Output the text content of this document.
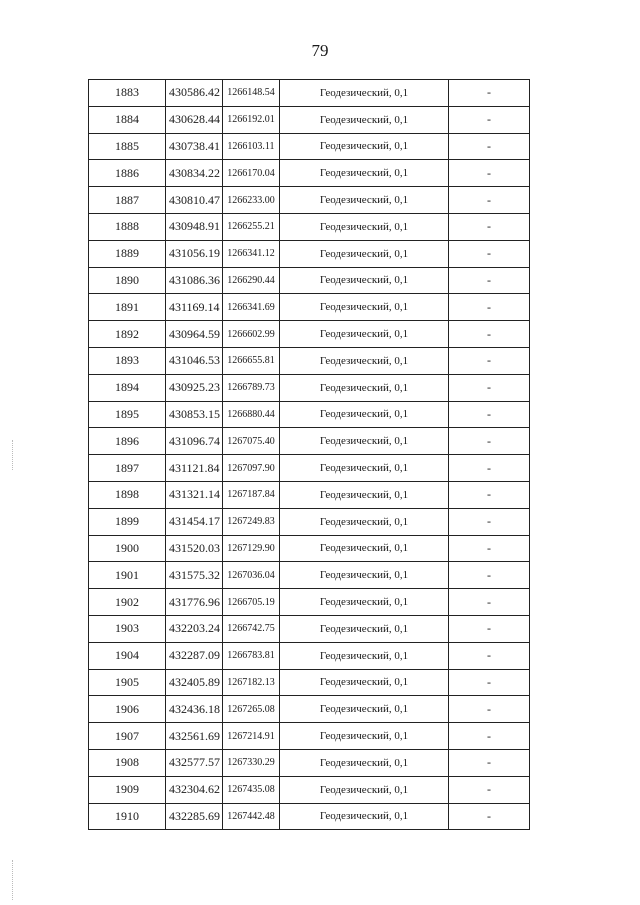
79
1883	430586.42	1266148.54	Геодезический, 0,1	-
1884	430628.44	1266192.01	Геодезический, 0,1	-
1885	430738.41	1266103.11	Геодезический, 0,1	-
1886	430834.22	1266170.04	Геодезический, 0,1	-
1887	430810.47	1266233.00	Геодезический, 0,1	-
1888	430948.91	1266255.21	Геодезический, 0,1	-
1889	431056.19	1266341.12	Геодезический, 0,1	-
1890	431086.36	1266290.44	Геодезический, 0,1	-
1891	431169.14	1266341.69	Геодезический, 0,1	-
1892	430964.59	1266602.99	Геодезический, 0,1	-
1893	431046.53	1266655.81	Геодезический, 0,1	-
1894	430925.23	1266789.73	Геодезический, 0,1	-
1895	430853.15	1266880.44	Геодезический, 0,1	-
1896	431096.74	1267075.40	Геодезический, 0,1	-
1897	431121.84	1267097.90	Геодезический, 0,1	-
1898	431321.14	1267187.84	Геодезический, 0,1	-
1899	431454.17	1267249.83	Геодезический, 0,1	-
1900	431520.03	1267129.90	Геодезический, 0,1	-
1901	431575.32	1267036.04	Геодезический, 0,1	-
1902	431776.96	1266705.19	Геодезический, 0,1	-
1903	432203.24	1266742.75	Геодезический, 0,1	-
1904	432287.09	1266783.81	Геодезический, 0,1	-
1905	432405.89	1267182.13	Геодезический, 0,1	-
1906	432436.18	1267265.08	Геодезический, 0,1	-
1907	432561.69	1267214.91	Геодезический, 0,1	-
1908	432577.57	1267330.29	Геодезический, 0,1	-
1909	432304.62	1267435.08	Геодезический, 0,1	-
1910	432285.69	1267442.48	Геодезический, 0,1	-
